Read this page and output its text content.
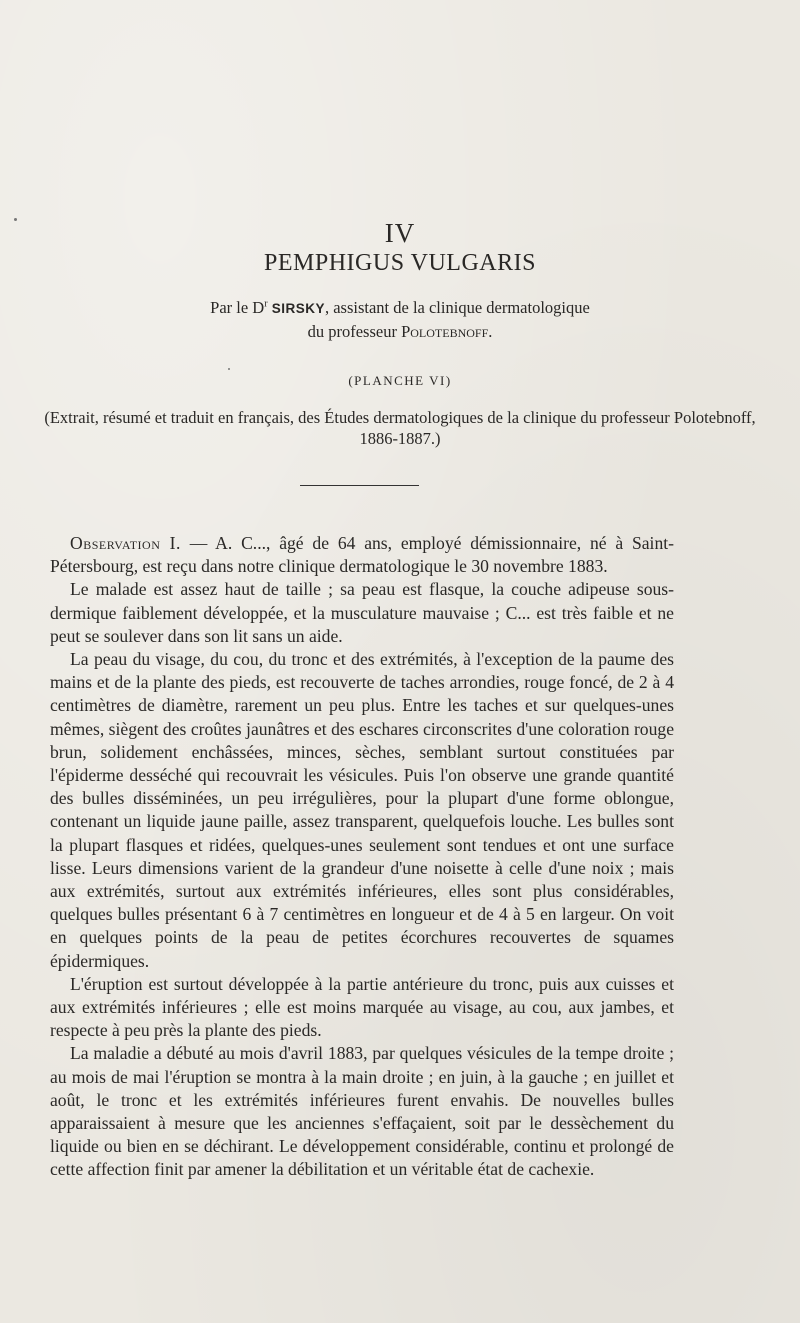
IV
PEMPHIGUS VULGARIS
Par le $D^r$ SIRSKY, assistant de la clinique dermatologique
du professeur Polotebnoff.
(PLANCHE VI)
(Extrait, résumé et traduit en français, des Études dermatologiques de la clinique du professeur Polotebnoff, 1886-1887.)

Observation I. — A. C..., âgé de 64 ans, employé démissionnaire, né à Saint-Pétersbourg, est reçu dans notre clinique dermatologique le 30 novembre 1883.

Le malade est assez haut de taille ; sa peau est flasque, la couche adipeuse sous-dermique faiblement développée, et la musculature mauvaise ; C... est très faible et ne peut se soulever dans son lit sans un aide.

La peau du visage, du cou, du tronc et des extrémités, à l'exception de la paume des mains et de la plante des pieds, est recouverte de taches arrondies, rouge foncé, de 2 à 4 centimètres de diamètre, rarement un peu plus. Entre les taches et sur quelques-unes mêmes, siègent des croûtes jaunâtres et des eschares circonscrites d'une coloration rouge brun, solidement enchâssées, minces, sèches, semblant surtout constituées par l'épiderme desséché qui recouvrait les vésicules. Puis l'on observe une grande quantité des bulles disséminées, un peu irrégulières, pour la plupart d'une forme oblongue, contenant un liquide jaune paille, assez transparent, quelquefois louche. Les bulles sont la plupart flasques et ridées, quelques-unes seulement sont tendues et ont une surface lisse. Leurs dimensions varient de la grandeur d'une noisette à celle d'une noix ; mais aux extrémités, surtout aux extrémités inférieures, elles sont plus considérables, quelques bulles présentant 6 à 7 centimètres en longueur et de 4 à 5 en largeur. On voit en quelques points de la peau de petites écorchures recouvertes de squames épidermiques.

L'éruption est surtout développée à la partie antérieure du tronc, puis aux cuisses et aux extrémités inférieures ; elle est moins marquée au visage, au cou, aux jambes, et respecte à peu près la plante des pieds.

La maladie a débuté au mois d'avril 1883, par quelques vésicules de la tempe droite ; au mois de mai l'éruption se montra à la main droite ; en juin, à la gauche ; en juillet et août, le tronc et les extrémités inférieures furent envahis. De nouvelles bulles apparaissaient à mesure que les anciennes s'effaçaient, soit par le dessèchement du liquide ou bien en se déchirant. Le développement considérable, continu et prolongé de cette affection finit par amener la débilitation et un véritable état de cachexie.
